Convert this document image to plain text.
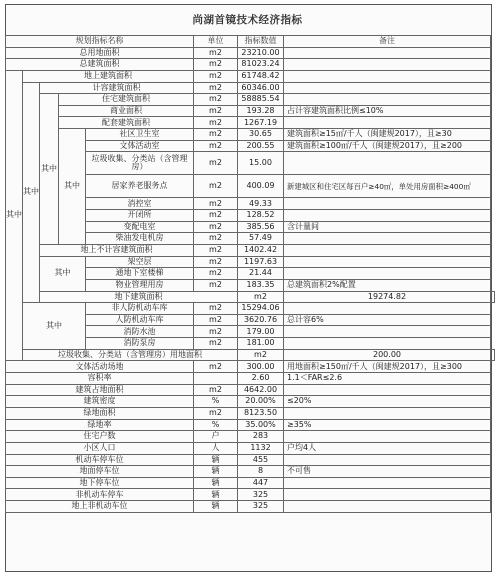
尚湖首镜技术经济指标
规划指标名称					单位	指标数值	备注	
总用地面积					m2	23210.00		
总建筑面积					m2	81023.24		
其中	地上建筑面积				m2	61748.42		
	其中	计容建筑面积			m2	60346.00		
		其中	住宅建筑面积		m2	58885.54		
			商业面积		m2	193.28	占计容建筑面积比例≤10%	
			配套建筑面积		m2	1267.19		
			其中	社区卫生室	m2	30.65	建筑面积≥15㎡/千人（闽建规2017），且≥30	
				文体活动室	m2	200.55	建筑面积≥100㎡/千人（闽建规2017），且≥200	
				垃圾收集、分类站（含管理房）	m2	15.00		
				居家养老服务点	m2	400.09	新建城区和住宅区每百户≥40㎡，单处用房面积≥400㎡	
				消控室	m2	49.33		
				开闭所	m2	128.52		
				变配电室	m2	385.56	含计量间	
				柴油发电机房	m2	57.49		
		地上不计容建筑面积			m2	1402.42		
		其中		架空层	m2	1197.63		
				通地下室楼梯	m2	21.44		
				物业管理用房	m2	183.35	总建筑面积2%配置	
		地下建筑面积				m2	19274.82	
	其中			非人防机动车库	m2	15294.06		
				人防机动车库	m2	3620.76	总计容6%	
				消防水池	m2	179.00		
				消防泵房	m2	181.00		
	垃圾收集、分类站（含管理房）用地面积					m2	200.00	
文体活动场地					m2	300.00	用地面积≥150㎡/千人（闽建规2017），且≥300	
容积率						2.60	1.1＜FAR≤2.6	
建筑占地面积					m2	4642.00		
建筑密度					%	20.00%	≤20%	
绿地面积					m2	8123.50		
绿地率					%	35.00%	≥35%	
住宅户数					户	283		
小区人口					人	1132	户均4人	
机动车停车位					辆	455		
地面停车位					辆	8	不可售	
地下停车位					辆	447		
非机动车停车					辆	325		
地上非机动车位					辆	325		
